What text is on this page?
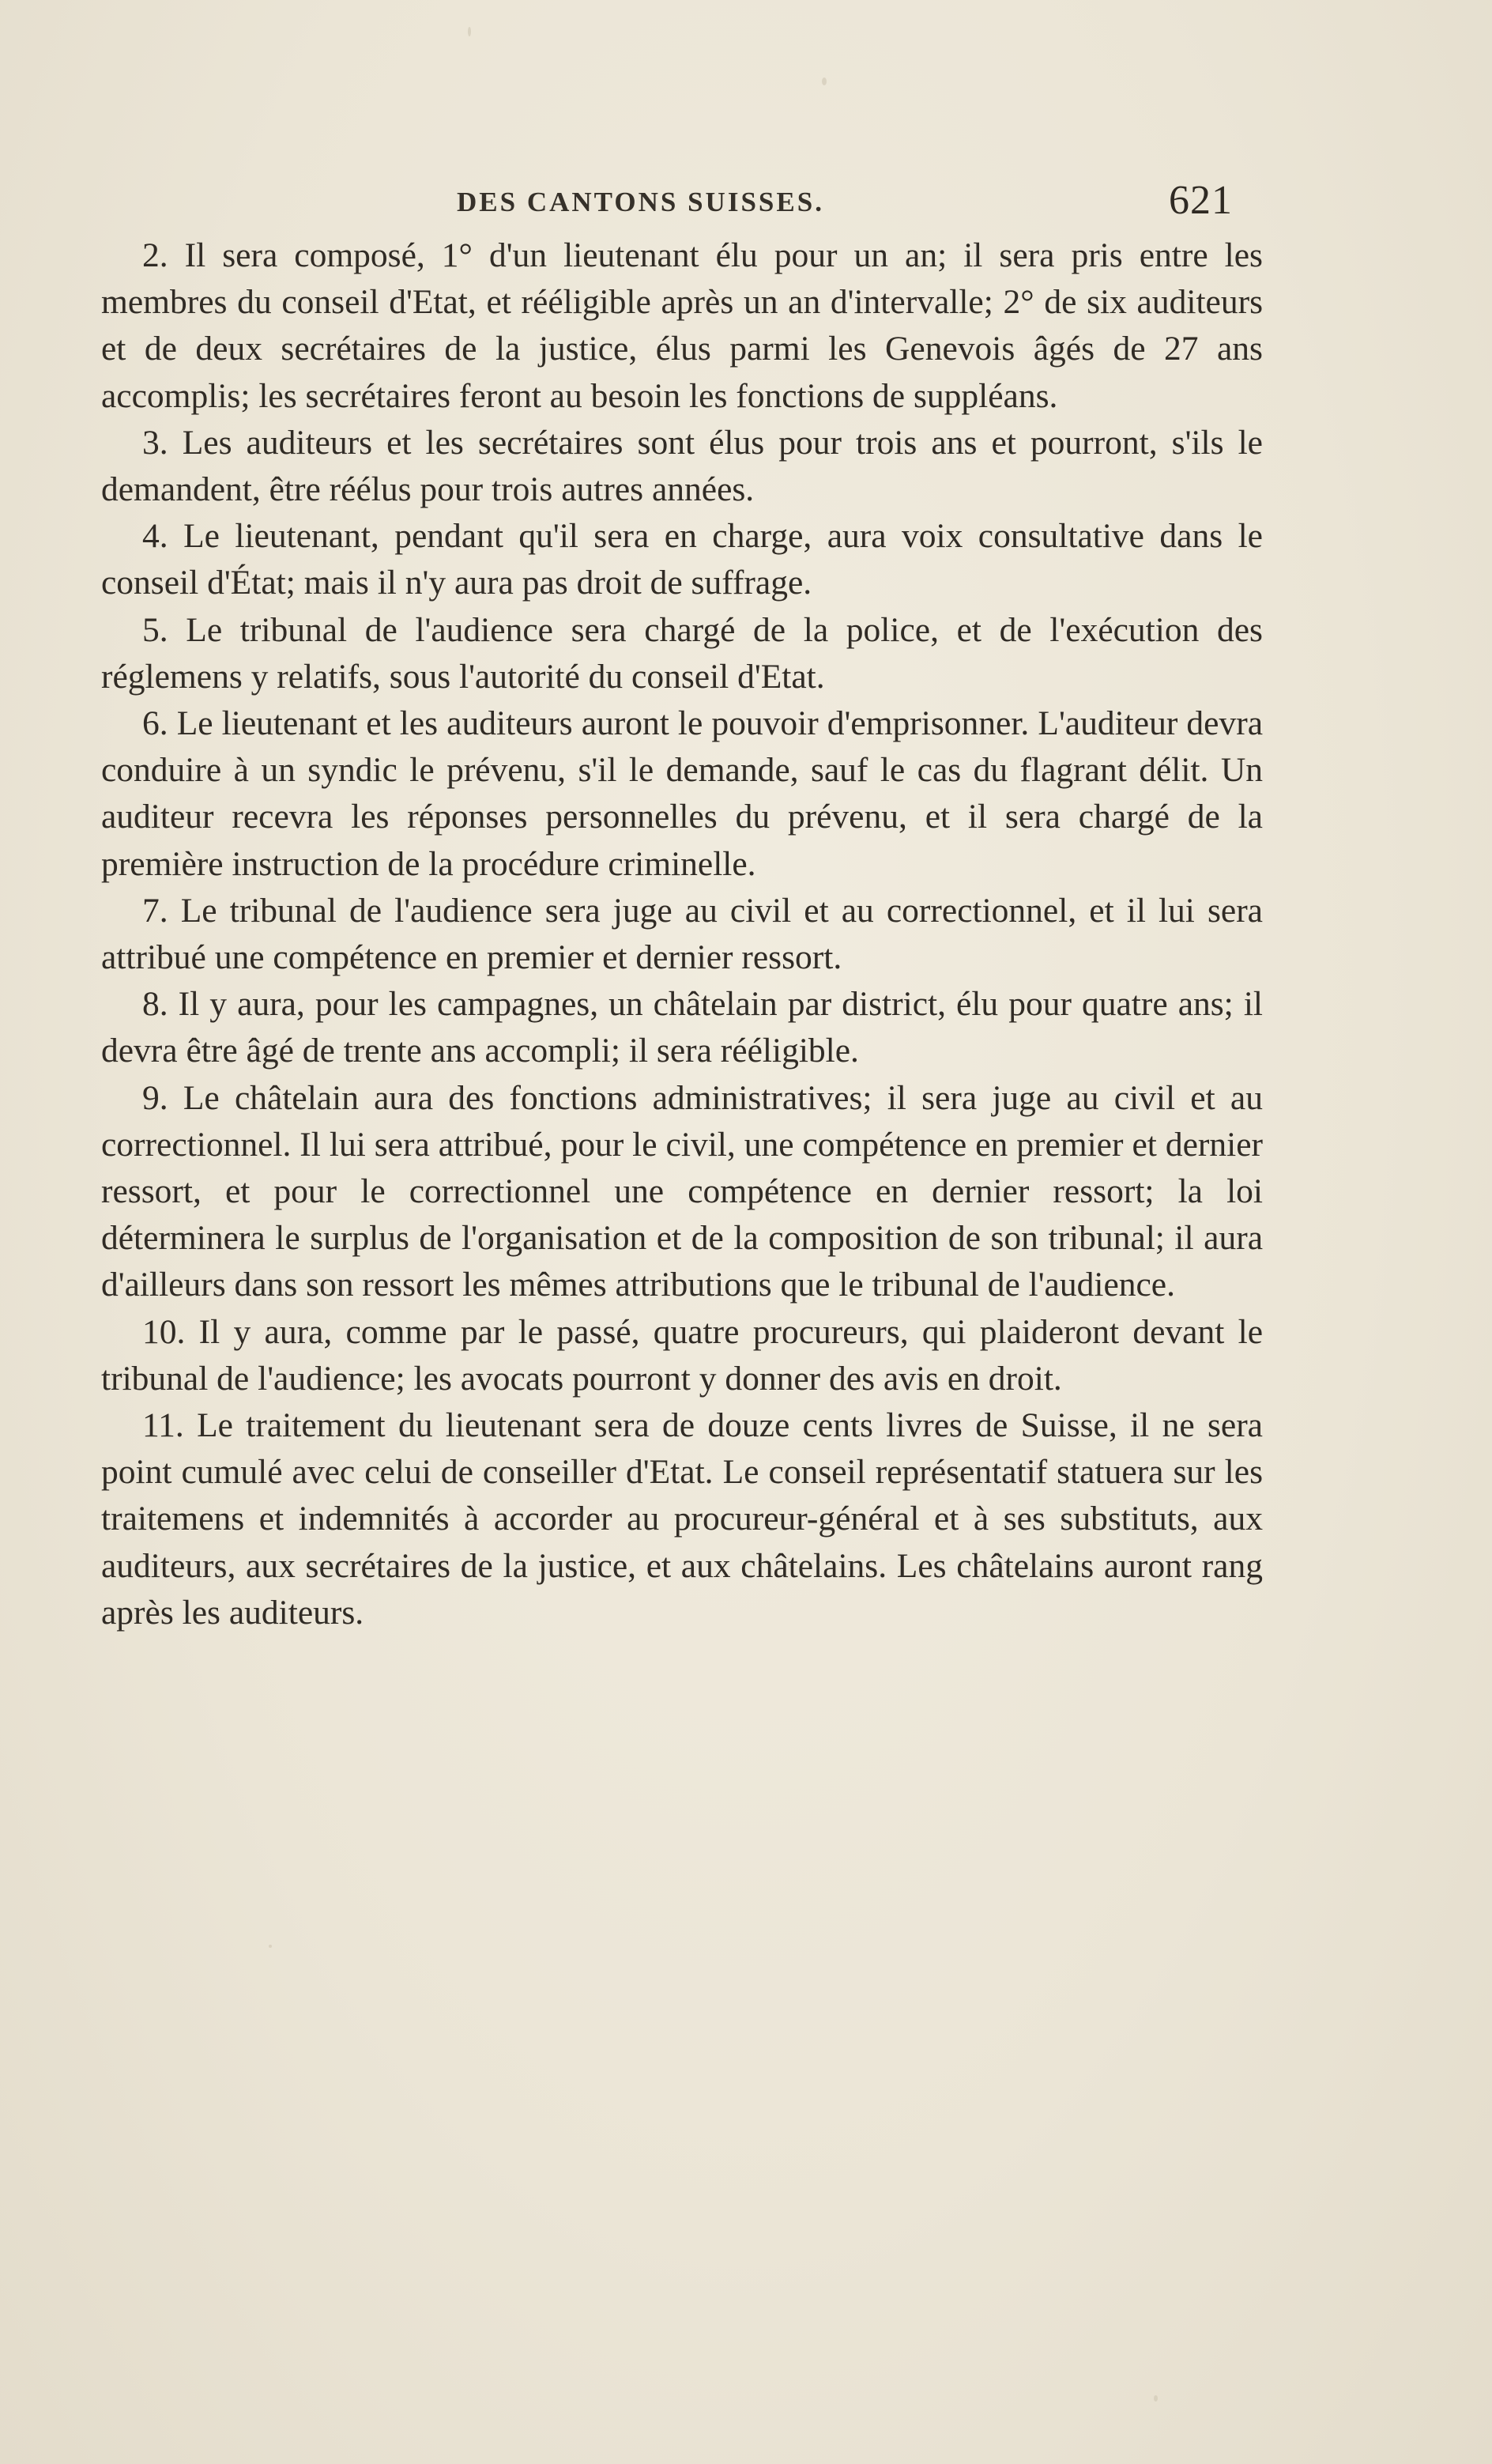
DES CANTONS SUISSES.	621

2. Il sera composé, 1° d'un lieutenant élu pour un an; il sera pris entre les membres du conseil d'Etat, et rééligible après un an d'intervalle; 2° de six auditeurs et de deux secrétaires de la justice, élus parmi les Genevois âgés de 27 ans accomplis; les secrétaires feront au besoin les fonctions de suppléans.

3. Les auditeurs et les secrétaires sont élus pour trois ans et pourront, s'ils le demandent, être réélus pour trois autres années.

4. Le lieutenant, pendant qu'il sera en charge, aura voix consultative dans le conseil d'État; mais il n'y aura pas droit de suffrage.

5. Le tribunal de l'audience sera chargé de la police, et de l'exécution des réglemens y relatifs, sous l'autorité du conseil d'Etat.

6. Le lieutenant et les auditeurs auront le pouvoir d'emprisonner. L'auditeur devra conduire à un syndic le prévenu, s'il le demande, sauf le cas du flagrant délit. Un auditeur recevra les réponses personnelles du prévenu, et il sera chargé de la première instruction de la procédure criminelle.

7. Le tribunal de l'audience sera juge au civil et au correctionnel, et il lui sera attribué une compétence en premier et dernier ressort.

8. Il y aura, pour les campagnes, un châtelain par district, élu pour quatre ans; il devra être âgé de trente ans accompli; il sera rééligible.

9. Le châtelain aura des fonctions administratives; il sera juge au civil et au correctionnel. Il lui sera attribué, pour le civil, une compétence en premier et dernier ressort, et pour le correctionnel une compétence en dernier ressort; la loi déterminera le surplus de l'organisation et de la composition de son tribunal; il aura d'ailleurs dans son ressort les mêmes attributions que le tribunal de l'audience.

10. Il y aura, comme par le passé, quatre procureurs, qui plaideront devant le tribunal de l'audience; les avocats pourront y donner des avis en droit.

11. Le traitement du lieutenant sera de douze cents livres de Suisse, il ne sera point cumulé avec celui de conseiller d'Etat. Le conseil représentatif statuera sur les traitemens et indemnités à accorder au procureur-général et à ses substituts, aux auditeurs, aux secrétaires de la justice, et aux châtelains. Les châtelains auront rang après les auditeurs.
